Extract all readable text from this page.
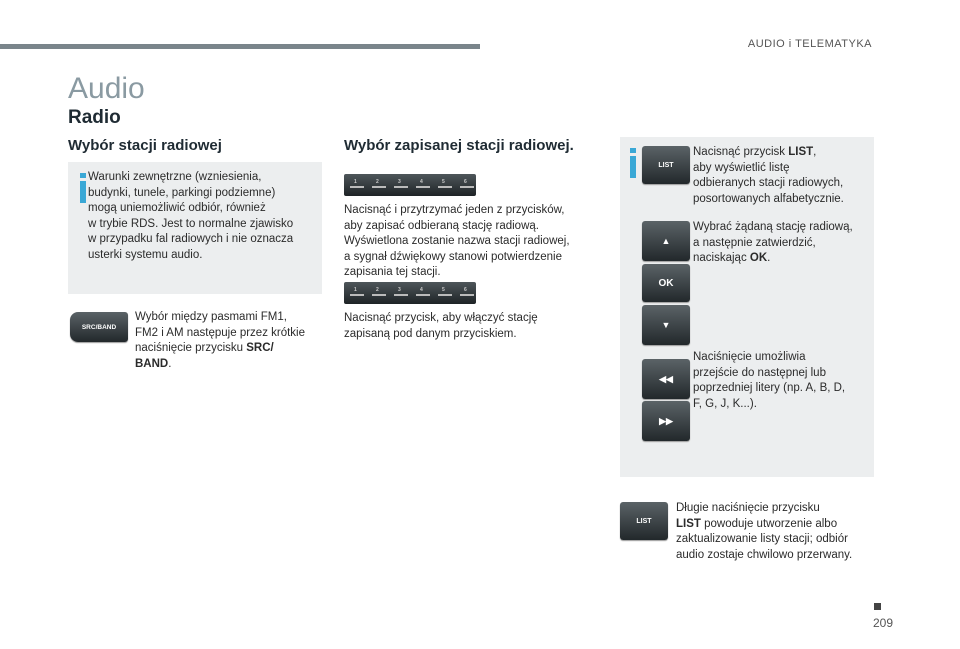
AUDIO i TELEMATYKA
Audio
Radio
Wybór stacji radiowej
Warunki zewnętrzne (wzniesienia,
budynki, tunele, parkingi podziemne)
mogą uniemożliwić odbiór, również
w trybie RDS. Jest to normalne zjawisko
w przypadku fal radiowych i nie oznacza
usterki systemu audio.
SRC/BAND
Wybór między pasmami FM1,
FM2 i AM następuje przez krótkie
naciśnięcie przycisku SRC/
BAND.
Wybór zapisanej stacji radiowej.
1	2	3	4	5	6
Nacisnąć i przytrzymać jeden z przycisków,
aby zapisać odbieraną stację radiową.
Wyświetlona zostanie nazwa stacji radiowej,
a sygnał dźwiękowy stanowi potwierdzenie
zapisania tej stacji.
1	2	3	4	5	6
Nacisnąć przycisk, aby włączyć stację
zapisaną pod danym przyciskiem.
LIST
Nacisnąć przycisk LIST,
aby wyświetlić listę
odbieranych stacji radiowych,
posortowanych alfabetycznie.
▲
OK
▼
Wybrać żądaną stację radiową,
a następnie zatwierdzić,
naciskając OK.
◀◀
▶▶
Naciśnięcie umożliwia
przejście do następnej lub
poprzedniej litery (np. A, B, D,
F, G, J, K...).
LIST
Długie naciśnięcie przycisku
LIST powoduje utworzenie albo
zaktualizowanie listy stacji; odbiór
audio zostaje chwilowo przerwany.
209
